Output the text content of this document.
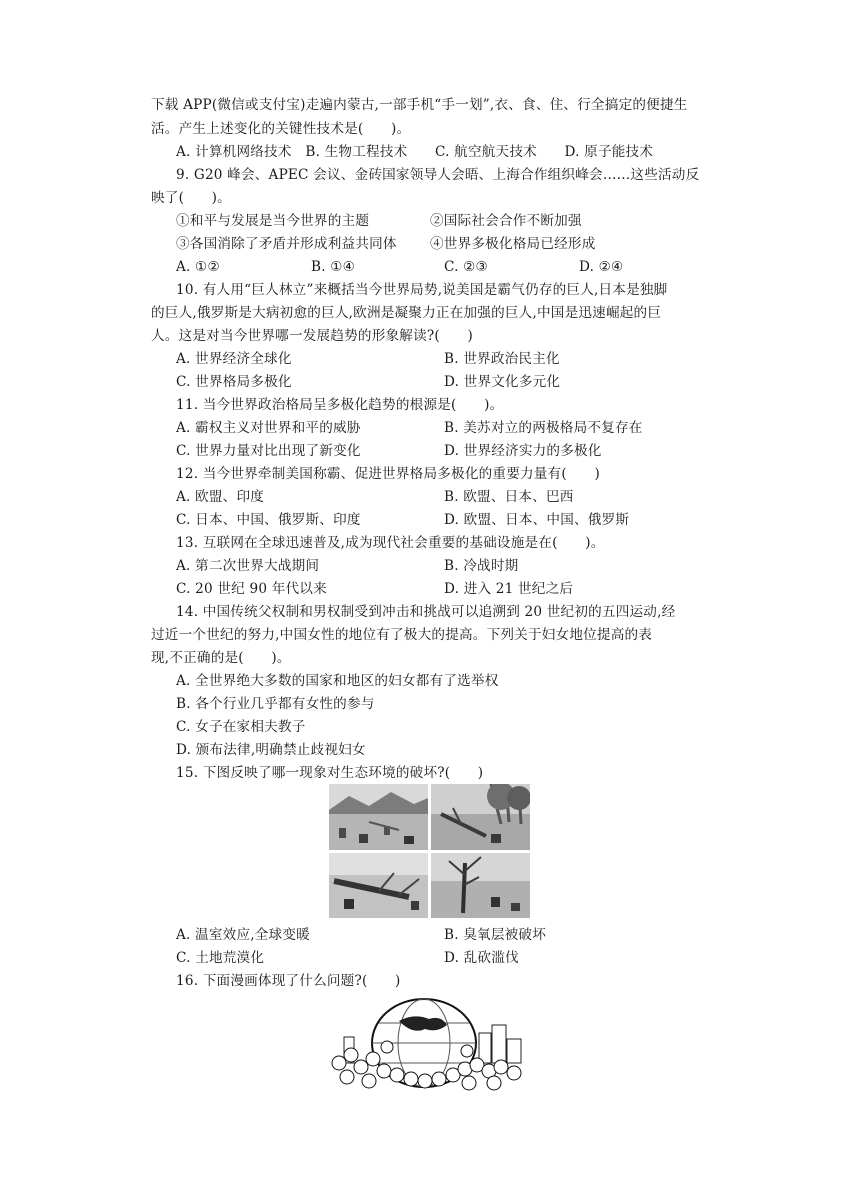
下载 APP(微信或支付宝)走遍内蒙古,一部手机“手一划”,衣、食、住、行全搞定的便捷生
活。产生上述变化的关键性技术是(　　)。
A. 计算机网络技术　B. 生物工程技术　　C. 航空航天技术　　D. 原子能技术
9. G20 峰会、APEC 会议、金砖国家领导人会晤、上海合作组织峰会……这些活动反
映了(　　)。
①和平与发展是当今世界的主题	②国际社会合作不断加强
③各国消除了矛盾并形成利益共同体 ④世界多极化格局已经形成
A. ①②	B. ①④	C. ②③	D. ②④
10. 有人用“巨人林立”来概括当今世界局势,说美国是霸气仍存的巨人,日本是独脚
的巨人,俄罗斯是大病初愈的巨人,欧洲是凝聚力正在加强的巨人,中国是迅速崛起的巨
人。这是对当今世界哪一发展趋势的形象解读?(　　)
A. 世界经济全球化	B. 世界政治民主化
C. 世界格局多极化	D. 世界文化多元化
11. 当今世界政治格局呈多极化趋势的根源是(　　)。
A. 霸权主义对世界和平的威胁	B. 美苏对立的两极格局不复存在
C. 世界力量对比出现了新变化	D. 世界经济实力的多极化
12. 当今世界牵制美国称霸、促进世界格局多极化的重要力量有(　　)
A. 欧盟、印度	B. 欧盟、日本、巴西
C. 日本、中国、俄罗斯、印度	D. 欧盟、日本、中国、俄罗斯
13. 互联网在全球迅速普及,成为现代社会重要的基础设施是在(　　)。
A. 第二次世界大战期间	B. 冷战时期
C. 20 世纪 90 年代以来	D. 进入 21 世纪之后
14. 中国传统父权制和男权制受到冲击和挑战可以追溯到 20 世纪初的五四运动,经
过近一个世纪的努力,中国女性的地位有了极大的提高。下列关于妇女地位提高的表
现,不正确的是(　　)。
A. 全世界绝大多数的国家和地区的妇女都有了选举权
B. 各个行业几乎都有女性的参与
C. 女子在家相夫教子
D. 颁布法律,明确禁止歧视妇女
15. 下图反映了哪一现象对生态环境的破坏?(　　)
A. 温室效应,全球变暖	B. 臭氧层被破坏
C. 土地荒漠化	D. 乱砍滥伐
16. 下面漫画体现了什么问题?(　　)
